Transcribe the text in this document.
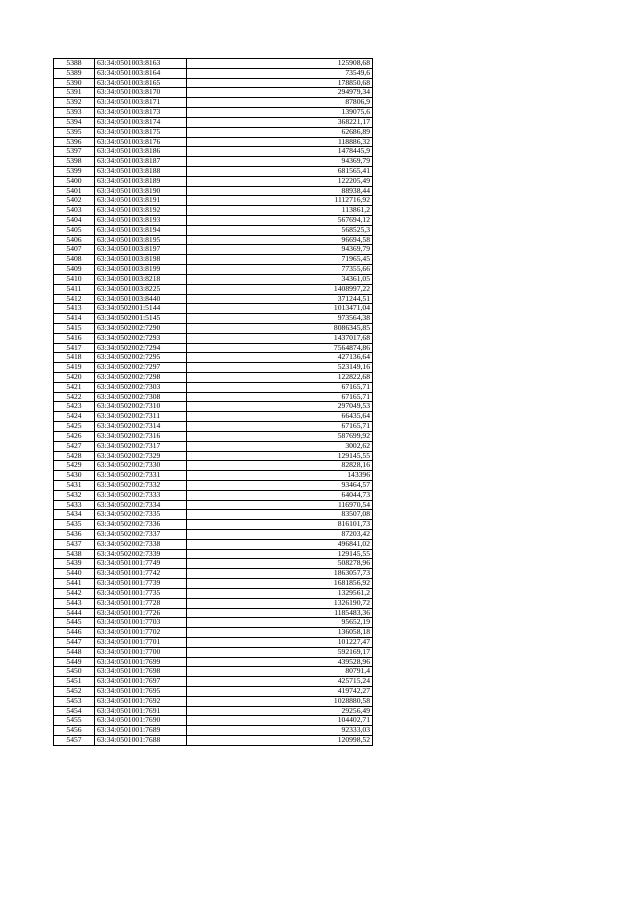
5388	63:34:0501003:8163	125908,68
5389	63:34:0501003:8164	73549,6
5390	63:34:0501003:8165	178850,68
5391	63:34:0501003:8170	294979,34
5392	63:34:0501003:8171	87806,9
5393	63:34:0501003:8173	139075,6
5394	63:34:0501003:8174	368221,17
5395	63:34:0501003:8175	62686,89
5396	63:34:0501003:8176	118886,32
5397	63:34:0501003:8186	1478445,9
5398	63:34:0501003:8187	94369,79
5399	63:34:0501003:8188	681565,41
5400	63:34:0501003:8189	122205,49
5401	63:34:0501003:8190	88938,44
5402	63:34:0501003:8191	1112716,92
5403	63:34:0501003:8192	113861,2
5404	63:34:0501003:8193	567694,12
5405	63:34:0501003:8194	568525,3
5406	63:34:0501003:8195	96694,58
5407	63:34:0501003:8197	94369,79
5408	63:34:0501003:8198	71965,45
5409	63:34:0501003:8199	77355,66
5410	63:34:0501003:8218	34361,05
5411	63:34:0501003:8225	1408997,22
5412	63:34:0501003:8440	371244,51
5413	63:34:0502001:5144	1013471,04
5414	63:34:0502001:5145	973564,38
5415	63:34:0502002:7290	8086345,85
5416	63:34:0502002:7293	1437017,68
5417	63:34:0502002:7294	7564874,86
5418	63:34:0502002:7295	427136,64
5419	63:34:0502002:7297	523149,16
5420	63:34:0502002:7298	122822,68
5421	63:34:0502002:7303	67165,71
5422	63:34:0502002:7308	67165,71
5423	63:34:0502002:7310	297049,53
5424	63:34:0502002:7311	66435,64
5425	63:34:0502002:7314	67165,71
5426	63:34:0502002:7316	587699,92
5427	63:34:0502002:7317	3002,62
5428	63:34:0502002:7329	129145,55
5429	63:34:0502002:7330	82828,16
5430	63:34:0502002:7331	143396
5431	63:34:0502002:7332	93464,57
5432	63:34:0502002:7333	64044,73
5433	63:34:0502002:7334	116970,54
5434	63:34:0502002:7335	83507,08
5435	63:34:0502002:7336	816101,73
5436	63:34:0502002:7337	87203,42
5437	63:34:0502002:7338	496841,02
5438	63:34:0502002:7339	129145,55
5439	63:34:0501001:7749	508278,96
5440	63:34:0501001:7742	1863057,73
5441	63:34:0501001:7739	1681856,92
5442	63:34:0501001:7735	1329561,2
5443	63:34:0501001:7728	1326190,72
5444	63:34:0501001:7726	1185483,36
5445	63:34:0501001:7703	95652,19
5446	63:34:0501001:7702	136058,18
5447	63:34:0501001:7701	101227,47
5448	63:34:0501001:7700	592169,17
5449	63:34:0501001:7699	439528,96
5450	63:34:0501001:7698	80791,4
5451	63:34:0501001:7697	425715,24
5452	63:34:0501001:7695	419742,27
5453	63:34:0501001:7692	1028880,58
5454	63:34:0501001:7691	29256,49
5455	63:34:0501001:7690	104402,71
5456	63:34:0501001:7689	92333,03
5457	63:34:0501001:7688	120998,52
